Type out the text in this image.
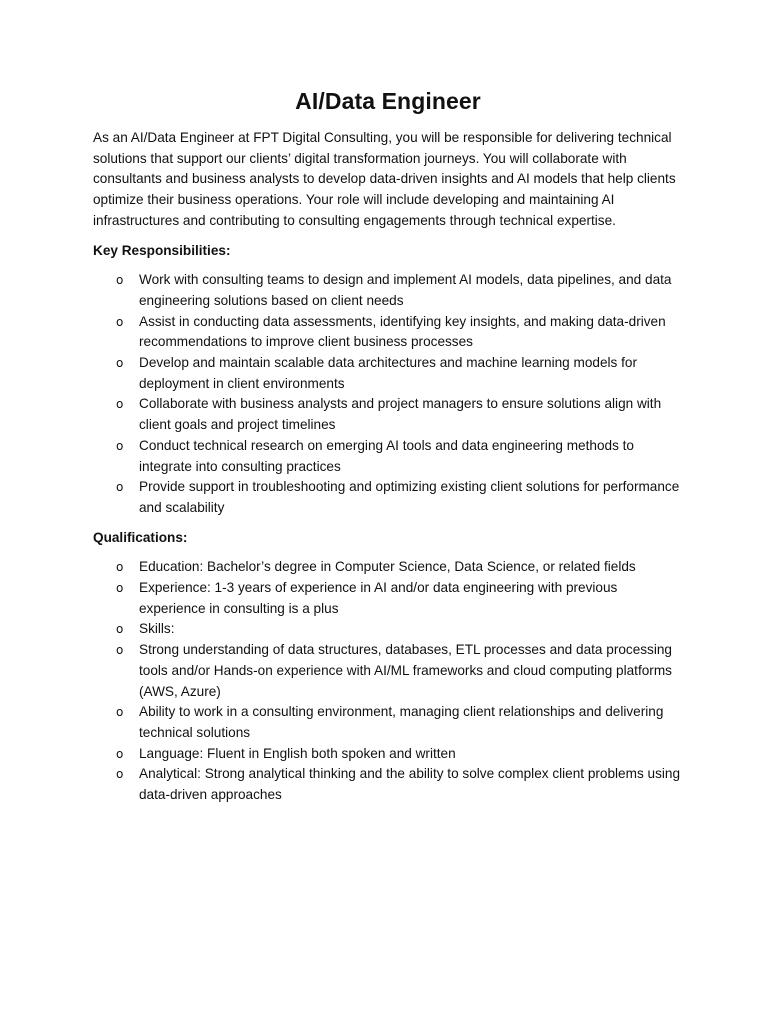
AI/Data Engineer

As an AI/Data Engineer at FPT Digital Consulting, you will be responsible for delivering technical solutions that support our clients’ digital transformation journeys. You will collaborate with consultants and business analysts to develop data-driven insights and AI models that help clients optimize their business operations. Your role will include developing and maintaining AI infrastructures and contributing to consulting engagements through technical expertise.

Key Responsibilities:
o Work with consulting teams to design and implement AI models, data pipelines, and data engineering solutions based on client needs
o Assist in conducting data assessments, identifying key insights, and making data-driven recommendations to improve client business processes
o Develop and maintain scalable data architectures and machine learning models for deployment in client environments
o Collaborate with business analysts and project managers to ensure solutions align with client goals and project timelines
o Conduct technical research on emerging AI tools and data engineering methods to integrate into consulting practices
o Provide support in troubleshooting and optimizing existing client solutions for performance and scalability
Qualifications:
o Education: Bachelor’s degree in Computer Science, Data Science, or related fields
o Experience: 1-3 years of experience in AI and/or data engineering with previous experience in consulting is a plus
o Skills:
o Strong understanding of data structures, databases, ETL processes and data processing tools and/or Hands-on experience with AI/ML frameworks and cloud computing platforms (AWS, Azure)
o Ability to work in a consulting environment, managing client relationships and delivering technical solutions
o Language: Fluent in English both spoken and written
o Analytical: Strong analytical thinking and the ability to solve complex client problems using data-driven approaches
